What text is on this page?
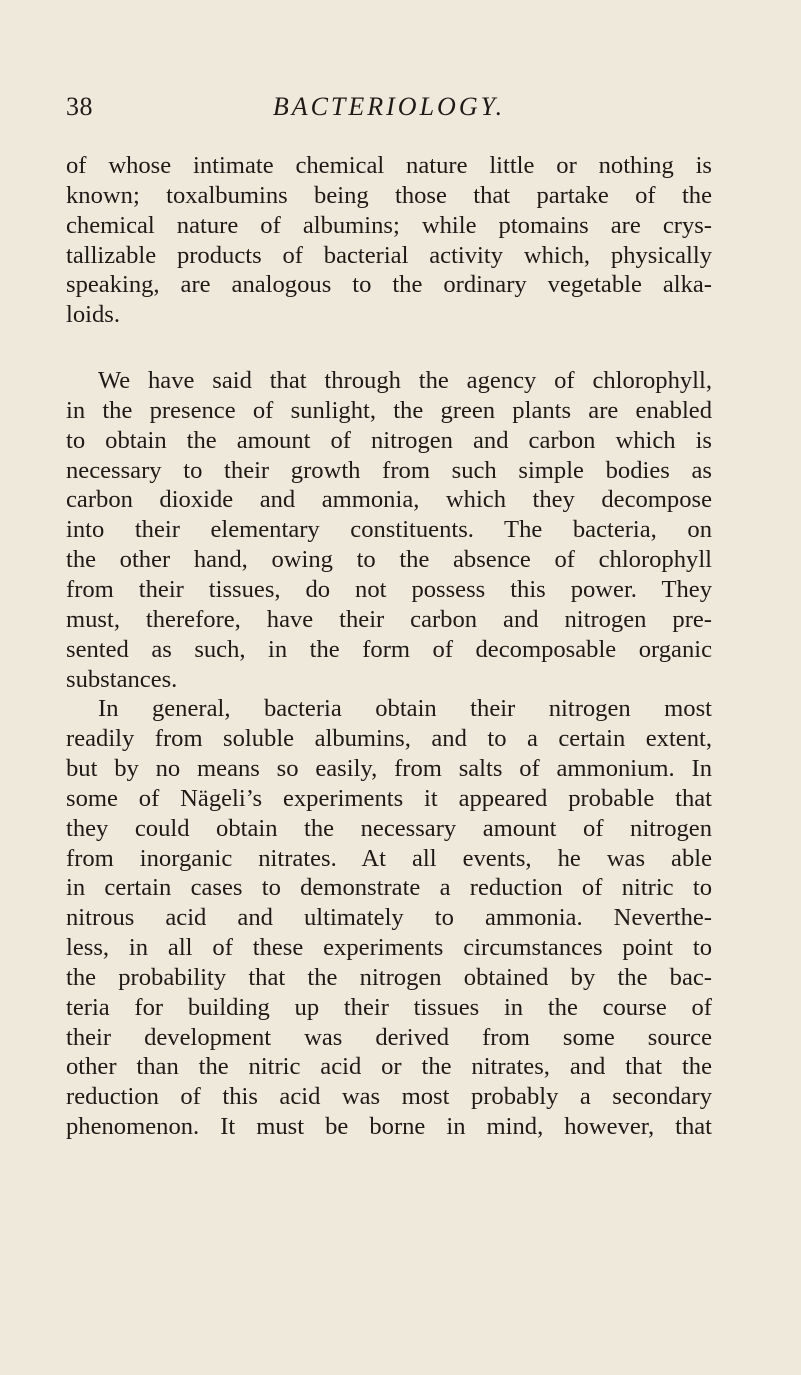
38	BACTERIOLOGY.

of whose intimate chemical nature little or nothing is
known; toxalbumins being those that partake of the
chemical nature of albumins; while ptomains are crys-
tallizable products of bacterial activity which, physically
speaking, are analogous to the ordinary vegetable alka-
loids.

We have said that through the agency of chlorophyll,
in the presence of sunlight, the green plants are enabled
to obtain the amount of nitrogen and carbon which is
necessary to their growth from such simple bodies as
carbon dioxide and ammonia, which they decompose
into their elementary constituents. The bacteria, on
the other hand, owing to the absence of chlorophyll
from their tissues, do not possess this power. They
must, therefore, have their carbon and nitrogen pre-
sented as such, in the form of decomposable organic
substances.

In general, bacteria obtain their nitrogen most
readily from soluble albumins, and to a certain extent,
but by no means so easily, from salts of ammonium. In
some of Nägeli’s experiments it appeared probable that
they could obtain the necessary amount of nitrogen
from inorganic nitrates. At all events, he was able
in certain cases to demonstrate a reduction of nitric to
nitrous acid and ultimately to ammonia. Neverthe-
less, in all of these experiments circumstances point to
the probability that the nitrogen obtained by the bac-
teria for building up their tissues in the course of
their development was derived from some source
other than the nitric acid or the nitrates, and that the
reduction of this acid was most probably a secondary
phenomenon. It must be borne in mind, however, that
